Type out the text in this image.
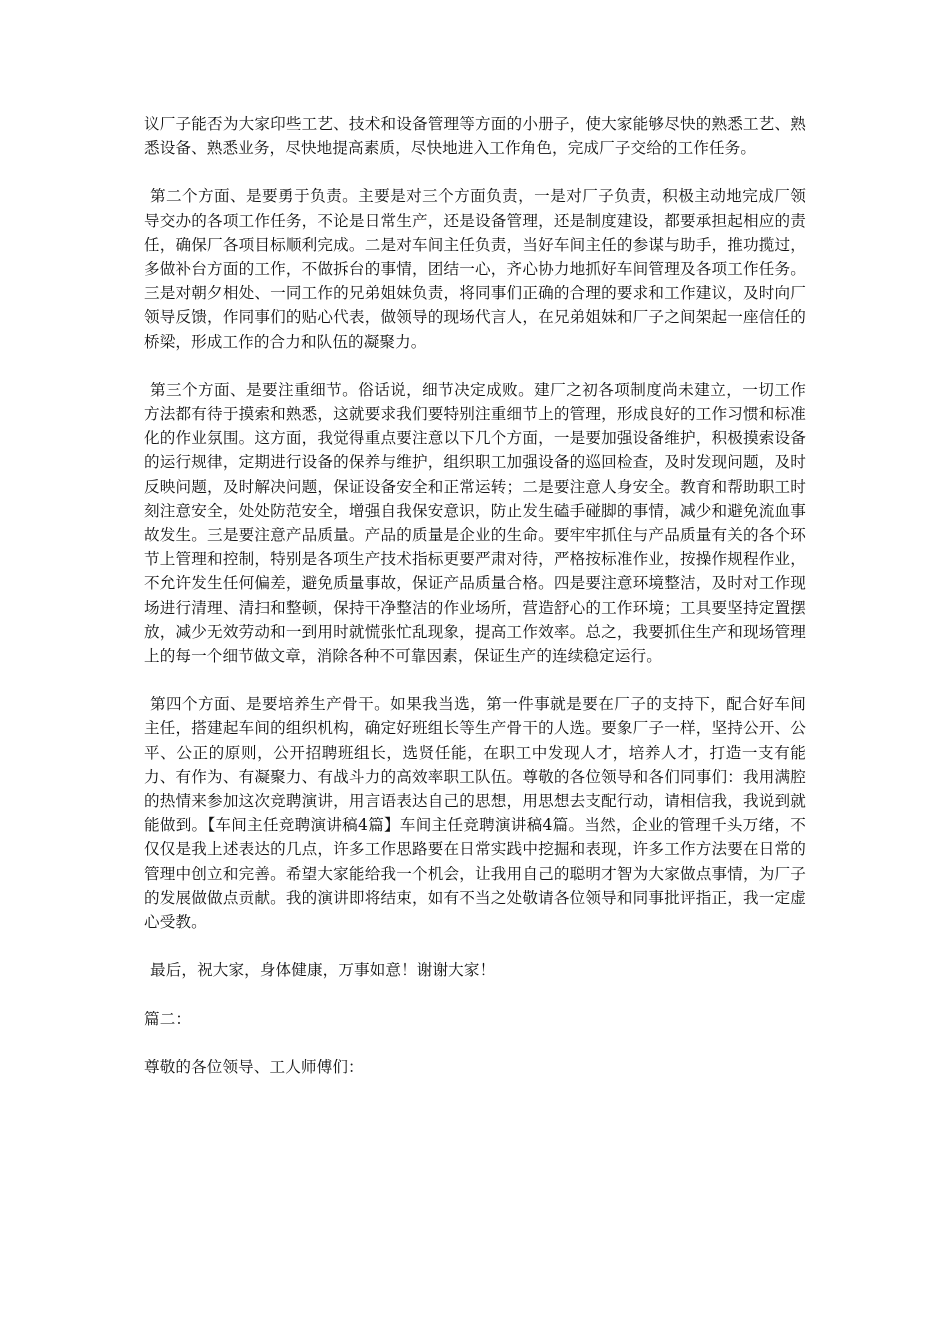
议厂子能否为大家印些工艺、技术和设备管理等方面的小册子，使大家能够尽快的熟悉工艺、熟悉设备、熟悉业务，尽快地提高素质，尽快地进入工作角色，完成厂子交给的工作任务。

第二个方面、是要勇于负责。主要是对三个方面负责，一是对厂子负责，积极主动地完成厂领导交办的各项工作任务，不论是日常生产，还是设备管理，还是制度建设，都要承担起相应的责任，确保厂各项目标顺利完成。二是对车间主任负责，当好车间主任的参谋与助手，推功揽过，多做补台方面的工作，不做拆台的事情，团结一心，齐心协力地抓好车间管理及各项工作任务。三是对朝夕相处、一同工作的兄弟姐妹负责，将同事们正确的合理的要求和工作建议，及时向厂领导反馈，作同事们的贴心代表，做领导的现场代言人，在兄弟姐妹和厂子之间架起一座信任的桥梁，形成工作的合力和队伍的凝聚力。

第三个方面、是要注重细节。俗话说，细节决定成败。建厂之初各项制度尚未建立，一切工作方法都有待于摸索和熟悉，这就要求我们要特别注重细节上的管理，形成良好的工作习惯和标准化的作业氛围。这方面，我觉得重点要注意以下几个方面，一是要加强设备维护，积极摸索设备的运行规律，定期进行设备的保养与维护，组织职工加强设备的巡回检查，及时发现问题，及时反映问题，及时解决问题，保证设备安全和正常运转；二是要注意人身安全。教育和帮助职工时刻注意安全，处处防范安全，增强自我保安意识，防止发生磕手碰脚的事情，减少和避免流血事故发生。三是要注意产品质量。产品的质量是企业的生命。要牢牢抓住与产品质量有关的各个环节上管理和控制，特别是各项生产技术指标更要严肃对待，严格按标准作业，按操作规程作业，不允许发生任何偏差，避免质量事故，保证产品质量合格。四是要注意环境整洁，及时对工作现场进行清理、清扫和整顿，保持干净整洁的作业场所，营造舒心的工作环境；工具要坚持定置摆放，减少无效劳动和一到用时就慌张忙乱现象，提高工作效率。总之，我要抓住生产和现场管理上的每一个细节做文章，消除各种不可靠因素，保证生产的连续稳定运行。

第四个方面、是要培养生产骨干。如果我当选，第一件事就是要在厂子的支持下，配合好车间主任，搭建起车间的组织机构，确定好班组长等生产骨干的人选。要象厂子一样，坚持公开、公平、公正的原则，公开招聘班组长，选贤任能，在职工中发现人才，培养人才，打造一支有能力、有作为、有凝聚力、有战斗力的高效率职工队伍。尊敬的各位领导和各们同事们：我用满腔的热情来参加这次竞聘演讲，用言语表达自己的思想，用思想去支配行动，请相信我，我说到就能做到。【车间主任竞聘演讲稿4篇】车间主任竞聘演讲稿4篇。当然，企业的管理千头万绪，不仅仅是我上述表达的几点，许多工作思路要在日常实践中挖掘和表现，许多工作方法要在日常的管理中创立和完善。希望大家能给我一个机会，让我用自己的聪明才智为大家做点事情，为厂子的发展做做点贡献。我的演讲即将结束，如有不当之处敬请各位领导和同事批评指正，我一定虚心受教。

最后，祝大家，身体健康，万事如意！谢谢大家！

篇二：

尊敬的各位领导、工人师傅们：
